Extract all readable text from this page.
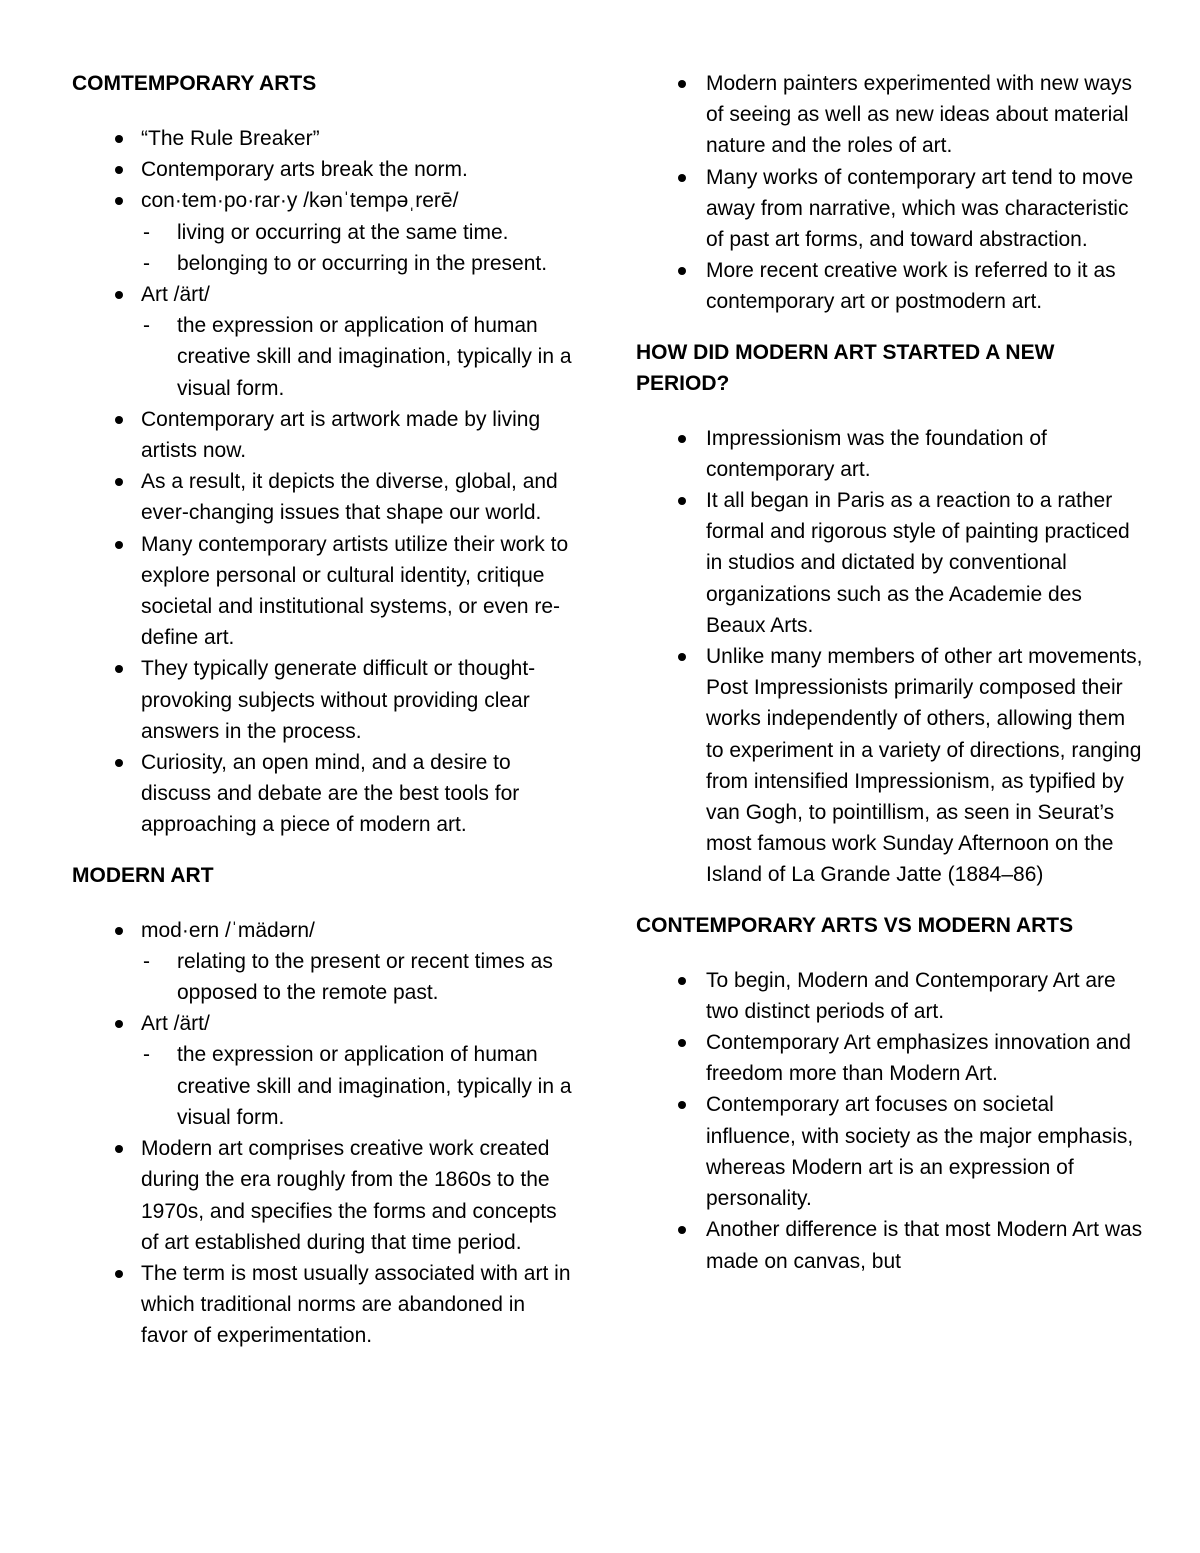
COMTEMPORARY ARTS
“The Rule Breaker”
Contemporary arts break the norm.
con·tem·po·rar·y /kənˈtempəˌrerē/
- living or occurring at the same time.
- belonging to or occurring in the present.
Art /ärt/
- the expression or application of human creative skill and imagination, typically in a visual form.
Contemporary art is artwork made by living artists now.
As a result, it depicts the diverse, global, and ever-changing issues that shape our world.
Many contemporary artists utilize their work to explore personal or cultural identity, critique societal and institutional systems, or even re-define art.
They typically generate difficult or thought-provoking subjects without providing clear answers in the process.
Curiosity, an open mind, and a desire to discuss and debate are the best tools for approaching a piece of modern art.
MODERN ART
mod·ern /ˈmädərn/
- relating to the present or recent times as opposed to the remote past.
Art /ärt/
- the expression or application of human creative skill and imagination, typically in a visual form.
Modern art comprises creative work created during the era roughly from the 1860s to the 1970s, and specifies the forms and concepts of art established during that time period.
The term is most usually associated with art in which traditional norms are abandoned in favor of experimentation.
Modern painters experimented with new ways of seeing as well as new ideas about material nature and the roles of art.
Many works of contemporary art tend to move away from narrative, which was characteristic of past art forms, and toward abstraction.
More recent creative work is referred to it as contemporary art or postmodern art.
HOW DID MODERN ART STARTED A NEW PERIOD?
Impressionism was the foundation of contemporary art.
It all began in Paris as a reaction to a rather formal and rigorous style of painting practiced in studios and dictated by conventional organizations such as the Academie des Beaux Arts.
Unlike many members of other art movements, Post Impressionists primarily composed their works independently of others, allowing them to experiment in a variety of directions, ranging from intensified Impressionism, as typified by van Gogh, to pointillism, as seen in Seurat’s most famous work Sunday Afternoon on the Island of La Grande Jatte (1884–86)
CONTEMPORARY ARTS VS MODERN ARTS
To begin, Modern and Contemporary Art are two distinct periods of art.
Contemporary Art emphasizes innovation and freedom more than Modern Art.
Contemporary art focuses on societal influence, with society as the major emphasis, whereas Modern art is an expression of personality.
Another difference is that most Modern Art was made on canvas, but
